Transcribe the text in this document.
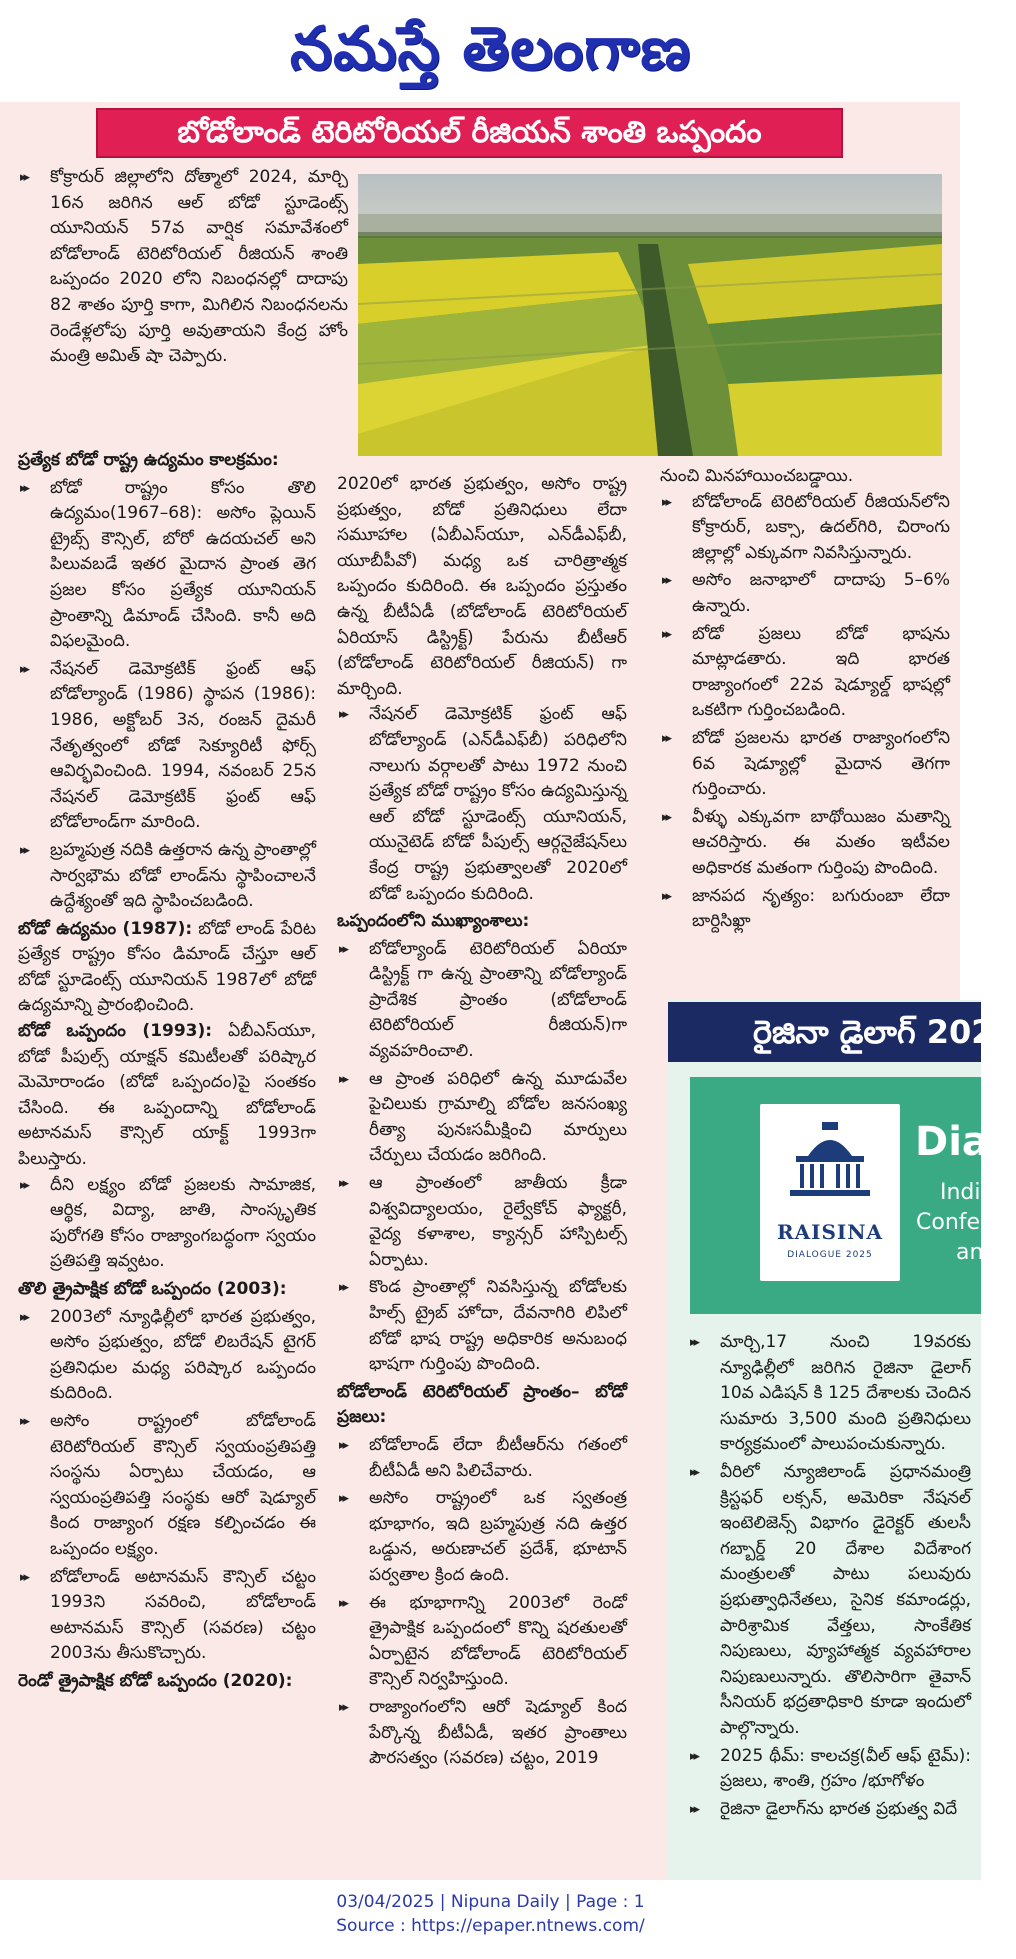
నమస్తే తెలంగాణ
బోడోలాండ్ టెరిటోరియల్ రీజియన్ శాంతి ఒప్పందం
▸▸ కోక్రారుర్ జిల్లాలోని దోత్మాలో 2024, మార్చి 16న జరిగిన ఆల్ బోడో స్టూడెంట్స్ యూనియన్ 57వ వార్షిక సమావేశంలో బోడోలాండ్ టెరిటోరియల్ రీజియన్ శాంతి ఒప్పందం 2020 లోని నిబంధనల్లో దాదాపు 82 శాతం పూర్తి కాగా, మిగిలిన నిబంధనలను రెండేళ్లలోపు పూర్తి అవుతాయని కేంద్ర హోం మంత్రి అమిత్ షా చెప్పారు.
ప్రత్యేక బోడో రాష్ట్ర ఉద్యమం కాలక్రమం:
▸▸ బోడో రాష్ట్రం కోసం తొలి ఉద్యమం(1967–68): అసోం ప్లెయిన్ ట్రైబ్స్ కౌన్సిల్, బోరో ఉదయచల్ అని పిలువబడే ఇతర మైదాన ప్రాంత తెగ ప్రజల కోసం ప్రత్యేక యూనియన్ ప్రాంతాన్ని డిమాండ్ చేసింది. కానీ అది విఫలమైంది.
▸▸ నేషనల్ డెమోక్రటిక్ ఫ్రంట్ ఆఫ్ బోడోల్యాండ్ (1986) స్థాపన (1986): 1986, అక్టోబర్ 3న, రంజన్ దైమరీ నేతృత్వంలో బోడో సెక్యూరిటీ ఫోర్స్ ఆవిర్భవించింది. 1994, నవంబర్ 25న నేషనల్ డెమోక్రటిక్ ఫ్రంట్ ఆఫ్ బోడోలాండ్‌గా మారింది.
▸▸ బ్రహ్మపుత్ర నదికి ఉత్తరాన ఉన్న ప్రాంతాల్లో సార్వభౌమ బోడో లాండ్‌ను స్థాపించాలనే ఉద్దేశ్యంతో ఇది స్థాపించబడింది.
బోడో ఉద్యమం (1987): బోడో లాండ్ పేరిట ప్రత్యేక రాష్ట్రం కోసం డిమాండ్ చేస్తూ ఆల్ బోడో స్టూడెంట్స్ యూనియన్ 1987లో బోడో ఉద్యమాన్ని ప్రారంభించింది.
బోడో ఒప్పందం (1993): ఏబీఎస్‌యూ, బోడో పీపుల్స్ యాక్షన్ కమిటీలతో పరిష్కార మెమోరాండం (బోడో ఒప్పందం)పై సంతకం చేసింది. ఈ ఒప్పందాన్ని బోడోలాండ్ అటానమస్ కౌన్సిల్ యాక్ట్ 1993గా పిలుస్తారు.
▸▸ దీని లక్ష్యం బోడో ప్రజలకు సామాజిక, ఆర్థిక, విద్యా, జాతి, సాంస్కృతిక పురోగతి కోసం రాజ్యాంగబద్ధంగా స్వయం ప్రతిపత్తి ఇవ్వటం.
తొలి త్రైపాక్షిక బోడో ఒప్పందం (2003):
▸▸ 2003లో న్యూఢిల్లీలో భారత ప్రభుత్వం, అసోం ప్రభుత్వం, బోడో లిబరేషన్ టైగర్ ప్రతినిధుల మధ్య పరిష్కార ఒప్పందం కుదిరింది.
▸▸ అసోం రాష్ట్రంలో బోడోలాండ్ టెరిటోరియల్ కౌన్సిల్ స్వయంప్రతిపత్తి సంస్థను ఏర్పాటు చేయడం, ఆ స్వయంప్రతిపత్తి సంస్థకు ఆరో షెడ్యూల్ కింద రాజ్యాంగ రక్షణ కల్పించడం ఈ ఒప్పందం లక్ష్యం.
▸▸ బోడోలాండ్ అటానమస్ కౌన్సిల్ చట్టం 1993ని సవరించి, బోడోలాండ్ అటానమస్ కౌన్సిల్ (సవరణ) చట్టం 2003ను తీసుకొచ్చారు.
రెండో త్రైపాక్షిక బోడో ఒప్పందం (2020):
2020లో భారత ప్రభుత్వం, అసోం రాష్ట్ర ప్రభుత్వం, బోడో ప్రతినిధులు లేదా సమూహాల (ఏబీఎస్‌యూ, ఎన్‌డీఎఫ్‌బీ, యూబీపీవో) మధ్య ఒక చారిత్రాత్మక ఒప్పందం కుదిరింది. ఈ ఒప్పందం ప్రస్తుతం ఉన్న బీటీఏడీ (బోడోలాండ్ టెరిటోరియల్ ఏరియాస్ డిస్ట్రిక్ట్) పేరును బీటీఆర్ (బోడోలాండ్ టెరిటోరియల్ రీజియన్) గా మార్చింది.
▸▸ నేషనల్ డెమోక్రటిక్ ఫ్రంట్ ఆఫ్ బోడోల్యాండ్ (ఎన్‌డీఎఫ్‌బీ) పరిధిలోని నాలుగు వర్గాలతో పాటు 1972 నుంచి ప్రత్యేక బోడో రాష్ట్రం కోసం ఉద్యమిస్తున్న ఆల్ బోడో స్టూడెంట్స్ యూనియన్, యునైటెడ్ బోడో పీపుల్స్ ఆర్గనైజేషన్‌లు కేంద్ర రాష్ట్ర ప్రభుత్వాలతో 2020లో బోడో ఒప్పందం కుదిరింది.
ఒప్పందంలోని ముఖ్యాంశాలు:
▸▸ బోడోల్యాండ్ టెరిటోరియల్ ఏరియా డిస్ట్రిక్ట్ గా ఉన్న ప్రాంతాన్ని బోడోల్యాండ్ ప్రాదేశిక ప్రాంతం (బోడోలాండ్ టెరిటోరియల్ రీజియన్)గా వ్యవహరించాలి.
▸▸ ఆ ప్రాంత పరిధిలో ఉన్న మూడువేల పైచిలుకు గ్రామాల్ని బోడోల జనసంఖ్య రీత్యా పునఃసమీక్షించి మార్పులు చేర్పులు చేయడం జరిగింది.
▸▸ ఆ ప్రాంతంలో జాతీయ క్రీడా విశ్వవిద్యాలయం, రైల్వేకోచ్ ఫ్యాక్టరీ, వైద్య కళాశాల, క్యాన్సర్ హాస్పిటల్స్ ఏర్పాటు.
▸▸ కొండ ప్రాంతాల్లో నివసిస్తున్న బోడోలకు హిల్స్ ట్రైబ్ హోదా, దేవనాగిరి లిపిలో బోడో భాష రాష్ట్ర అధికారిక అనుబంధ భాషగా గుర్తింపు పొందింది.
బోడోలాండ్ టెరిటోరియల్ ప్రాంతం– బోడో ప్రజలు:
▸▸ బోడోలాండ్ లేదా బీటీఆర్‌ను గతంలో బీటీఏడీ అని పిలిచేవారు.
▸▸ అసోం రాష్ట్రంలో ఒక స్వతంత్ర భూభాగం, ఇది బ్రహ్మపుత్ర నది ఉత్తర ఒడ్డున, అరుణాచల్ ప్రదేశ్, భూటాన్ పర్వతాల క్రింద ఉంది.
▸▸ ఈ భూభాగాన్ని 2003లో రెండో త్రైపాక్షిక ఒప్పందంలో కొన్ని షరతులతో ఏర్పాటైన బోడోలాండ్ టెరిటోరియల్ కౌన్సిల్ నిర్వహిస్తుంది.
▸▸ రాజ్యాంగంలోని ఆరో షెడ్యూల్ కింద పేర్కొన్న బీటీఏడీ, ఇతర ప్రాంతాలు పౌరసత్వం (సవరణ) చట్టం, 2019
నుంచి మినహాయించబడ్డాయి.
▸▸ బోడోలాండ్ టెరిటోరియల్ రీజియన్‌లోని కోక్రారుర్, బక్సా, ఉదల్‌గిరి, చిరాంగు జిల్లాల్లో ఎక్కువగా నివసిస్తున్నారు.
▸▸ అసోం జనాభాలో దాదాపు 5–6% ఉన్నారు.
▸▸ బోడో ప్రజలు బోడో భాషను మాట్లాడతారు. ఇది భారత రాజ్యాంగంలో 22వ షెడ్యూల్డ్ భాషల్లో ఒకటిగా గుర్తించబడింది.
▸▸ బోడో ప్రజలను భారత రాజ్యాంగంలోని 6వ షెడ్యూల్లో మైదాన తెగగా గుర్తించారు.
▸▸ వీళ్ళు ఎక్కువగా బాథోయిజం మతాన్ని ఆచరిస్తారు. ఈ మతం ఇటీవల అధికారక మతంగా గుర్తింపు పొందింది.
▸▸ జానపద నృత్యం: బగురుంబా లేదా బార్దిసిఖ్లా
రైజినా డైలాగ్ 2025
RAISINA
DIALOGUE 2025
Dial
Indi
Confe
an
▸▸ మార్చి,17 నుంచి 19వరకు న్యూఢిల్లీలో జరిగిన రైజినా డైలాగ్ 10వ ఎడిషన్ కి 125 దేశాలకు చెందిన సుమారు 3,500 మంది ప్రతినిధులు కార్యక్రమంలో పాలుపంచుకున్నారు.
▸▸ వీరిలో న్యూజిలాండ్ ప్రధానమంత్రి క్రిస్టఫర్ లక్సన్, అమెరికా నేషనల్ ఇంటెలిజెన్స్ విభాగం డైరెక్టర్ తులసీ గబ్బార్డ్ 20 దేశాల విదేశాంగ మంత్రులతో పాటు పలువురు ప్రభుత్వాధినేతలు, సైనిక కమాండర్లు, పారిశ్రామిక వేత్తలు, సాంకేతిక నిపుణులు, వ్యూహాత్మక వ్యవహారాల నిపుణులున్నారు. తొలిసారిగా తైవాన్ సీనియర్ భద్రతాధికారి కూడా ఇందులో పాల్గొన్నారు.
▸▸ 2025 థీమ్: కాలచక్ర(వీల్ ఆఫ్ టైమ్): ప్రజలు, శాంతి, గ్రహం /భూగోళం
▸▸ రైజినా డైలాగ్‌ను భారత ప్రభుత్వ విదే
03/04/2025 | Nipuna Daily | Page : 1
Source : https://epaper.ntnews.com/
